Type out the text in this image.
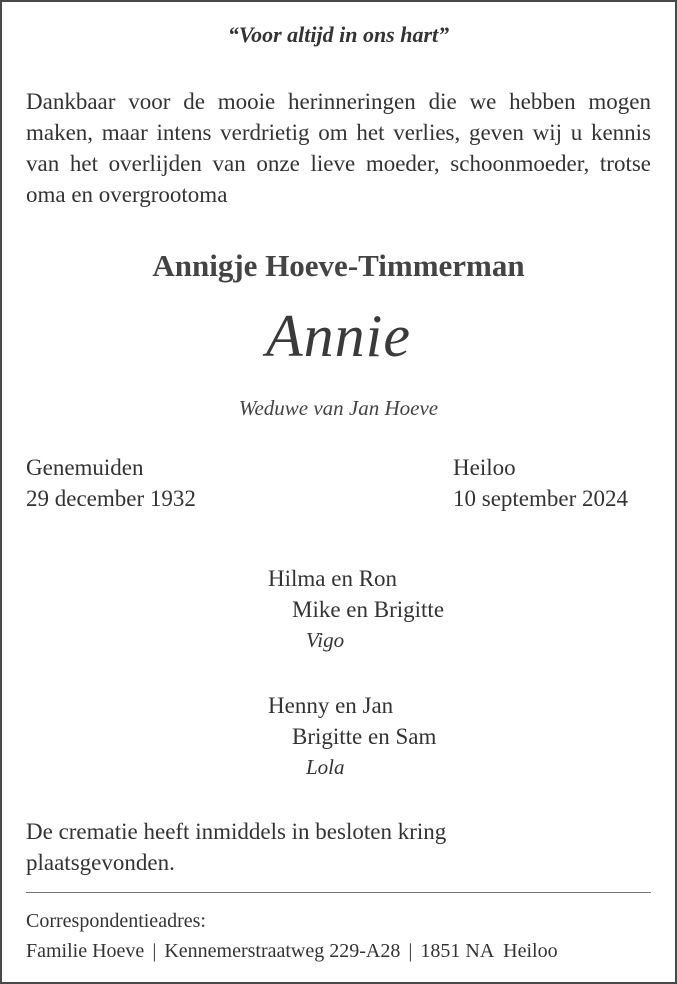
“Voor altijd in ons hart”
Dankbaar voor de mooie herinneringen die we hebben mogen maken, maar intens verdrietig om het verlies, geven wij u kennis van het overlijden van onze lieve moeder, schoonmoeder, trotse oma en overgrootoma
Annigje Hoeve-Timmerman
Annie
Weduwe van Jan Hoeve
Genemuiden
29 december 1932
Heiloo
10 september 2024
Hilma en Ron
Mike en Brigitte
Vigo
Henny en Jan
Brigitte en Sam
Lola
De crematie heeft inmiddels in besloten kring plaatsgevonden.
Correspondentieadres:
Familie Hoeve | Kennemerstraatweg 229-A28 | 1851 NA  Heiloo
